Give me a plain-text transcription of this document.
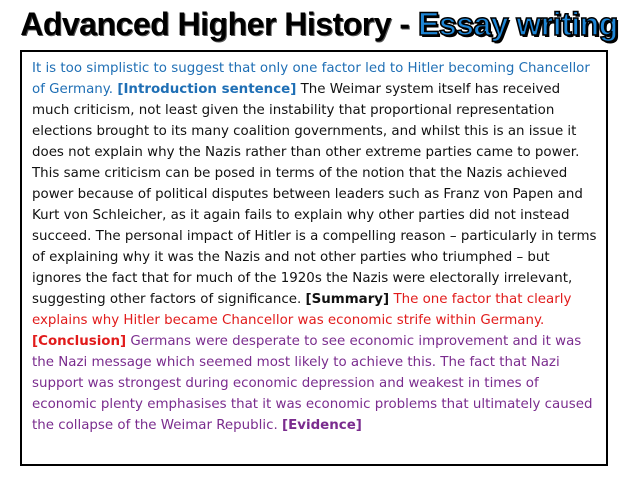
Advanced Higher History - Essay writing

It is too simplistic to suggest that only one factor led to Hitler becoming Chancellor of Germany. [Introduction sentence] The Weimar system itself has received much criticism, not least given the instability that proportional representation elections brought to its many coalition governments, and whilst this is an issue it does not explain why the Nazis rather than other extreme parties came to power. This same criticism can be posed in terms of the notion that the Nazis achieved power because of political disputes between leaders such as Franz von Papen and Kurt von Schleicher, as it again fails to explain why other parties did not instead succeed. The personal impact of Hitler is a compelling reason – particularly in terms of explaining why it was the Nazis and not other parties who triumphed – but ignores the fact that for much of the 1920s the Nazis were electorally irrelevant, suggesting other factors of significance. [Summary] The one factor that clearly explains why Hitler became Chancellor was economic strife within Germany. [Conclusion] Germans were desperate to see economic improvement and it was the Nazi message which seemed most likely to achieve this. The fact that Nazi support was strongest during economic depression and weakest in times of economic plenty emphasises that it was economic problems that ultimately caused the collapse of the Weimar Republic. [Evidence]
